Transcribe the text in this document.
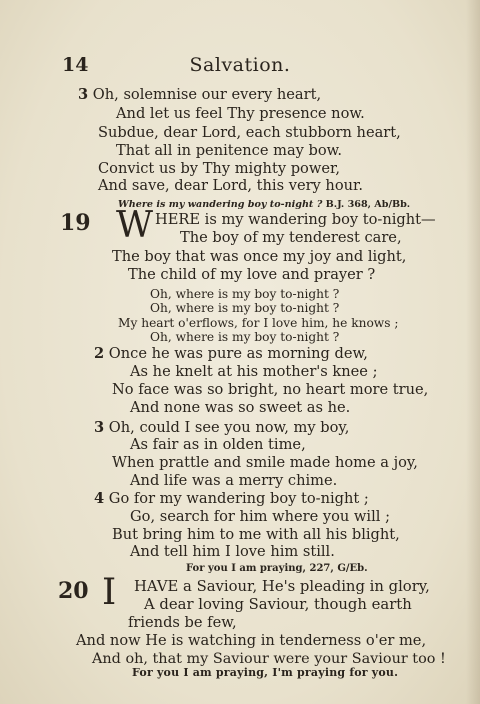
14	Salvation.
3 Oh, solemnise our every heart,
And let us feel Thy presence now.
Subdue, dear Lord, each stubborn heart,
That all in penitence may bow.
Convict us by Thy mighty power,
And save, dear Lord, this very hour.
Where is my wandering boy to-night ? B.J. 368, Ab/Bb.
19 W HERE is my wandering boy to-night—
The boy of my tenderest care,
The boy that was once my joy and light,
The child of my love and prayer ?
Oh, where is my boy to-night ?
Oh, where is my boy to-night ?
My heart o'erflows, for I love him, he knows ;
Oh, where is my boy to-night ?
2 Once he was pure as morning dew,
As he knelt at his mother's knee ;
No face was so bright, no heart more true,
And none was so sweet as he.
3 Oh, could I see you now, my boy,
As fair as in olden time,
When prattle and smile made home a joy,
And life was a merry chime.
4 Go for my wandering boy to-night ;
Go, search for him where you will ;
But bring him to me with all his blight,
And tell him I love him still.
For you I am praying, 227, G/Eb.
20 I HAVE a Saviour, He's pleading in glory,
A dear loving Saviour, though earth
friends be few,
And now He is watching in tenderness o'er me,
And oh, that my Saviour were your Saviour too !
For you I am praying, I'm praying for you.
